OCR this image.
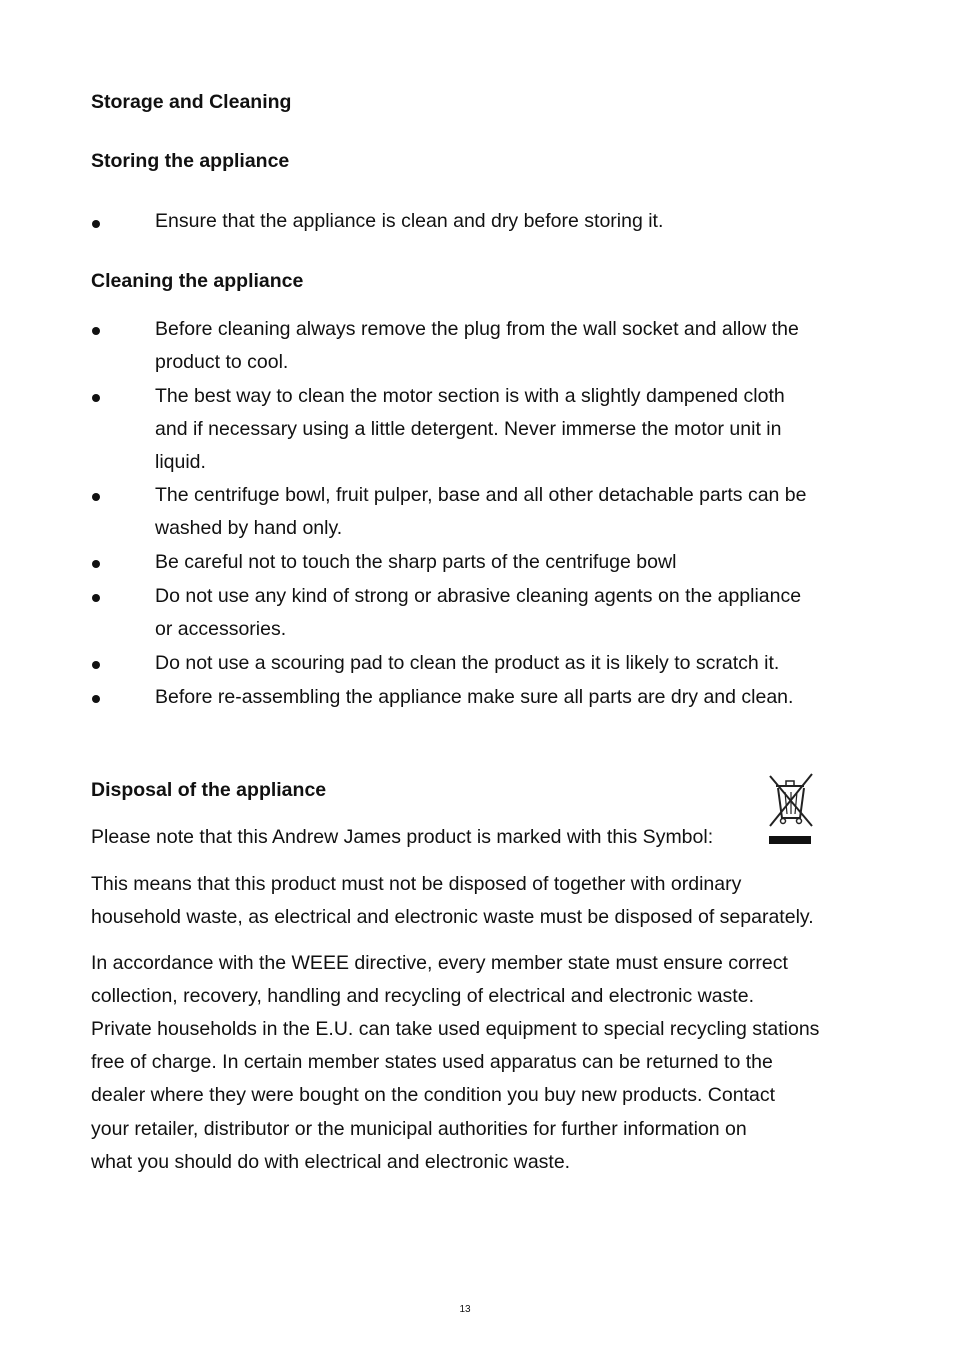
Storage and Cleaning
Storing the appliance
Ensure that the appliance is clean and dry before storing it.
Cleaning the appliance
Before cleaning always remove the plug from the wall socket and allow the
product to cool.
The best way to clean the motor section is with a slightly dampened cloth
and if necessary using a little detergent. Never immerse the motor unit in
liquid.
The centrifuge bowl, fruit pulper, base and all other detachable parts can be
washed by hand only.
Be careful not to touch the sharp parts of the centrifuge bowl
Do not use any kind of strong or abrasive cleaning agents on the appliance
or accessories.
Do not use a scouring pad to clean the product as it is likely to scratch it.
Before re-assembling the appliance make sure all parts are dry and clean.
Disposal of the appliance
Please note that this Andrew James product is marked with this Symbol:
This means that this product must not be disposed of together with ordinary
household waste, as electrical and electronic waste must be disposed of separately.
In accordance with the WEEE directive, every member state must ensure correct
collection, recovery, handling and recycling of electrical and electronic waste.
Private households in the E.U. can take used equipment to special recycling stations
free of charge. In certain member states used apparatus can be returned to the
dealer where they were bought on the condition you buy new products. Contact
your retailer, distributor or the municipal authorities for further information on
what you should do with electrical and electronic waste.
13
